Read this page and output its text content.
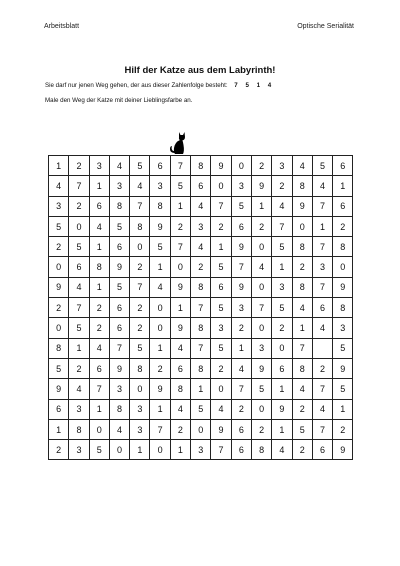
Arbeitsblatt	Optische Serialität
Hilf der Katze aus dem Labyrinth!
Sie darf nur jenen Weg gehen, der aus dieser Zahlenfolge besteht: 7 5 1 4
Male den Weg der Katze mit deiner Lieblingsfarbe an.
1	2	3	4	5	6	7	8	9	0	2	3	4	5	6
4	7	1	3	4	3	5	6	0	3	9	2	8	4	1
3	2	6	8	7	8	1	4	7	5	1	4	9	7	6
5	0	4	5	8	9	2	3	2	6	2	7	0	1	2
2	5	1	6	0	5	7	4	1	9	0	5	8	7	8
0	6	8	9	2	1	0	2	5	7	4	1	2	3	0
9	4	1	5	7	4	9	8	6	9	0	3	8	7	9
2	7	2	6	2	0	1	7	5	3	7	5	4	6	8
0	5	2	6	2	0	9	8	3	2	0	2	1	4	3
8	1	4	7	5	1	4	7	5	1	3	0	7		5
5	2	6	9	8	2	6	8	2	4	9	6	8	2	9
9	4	7	3	0	9	8	1	0	7	5	1	4	7	5
6	3	1	8	3	1	4	5	4	2	0	9	2	4	1
1	8	0	4	3	7	2	0	9	6	2	1	5	7	2
2	3	5	0	1	0	1	3	7	6	8	4	2	6	9
